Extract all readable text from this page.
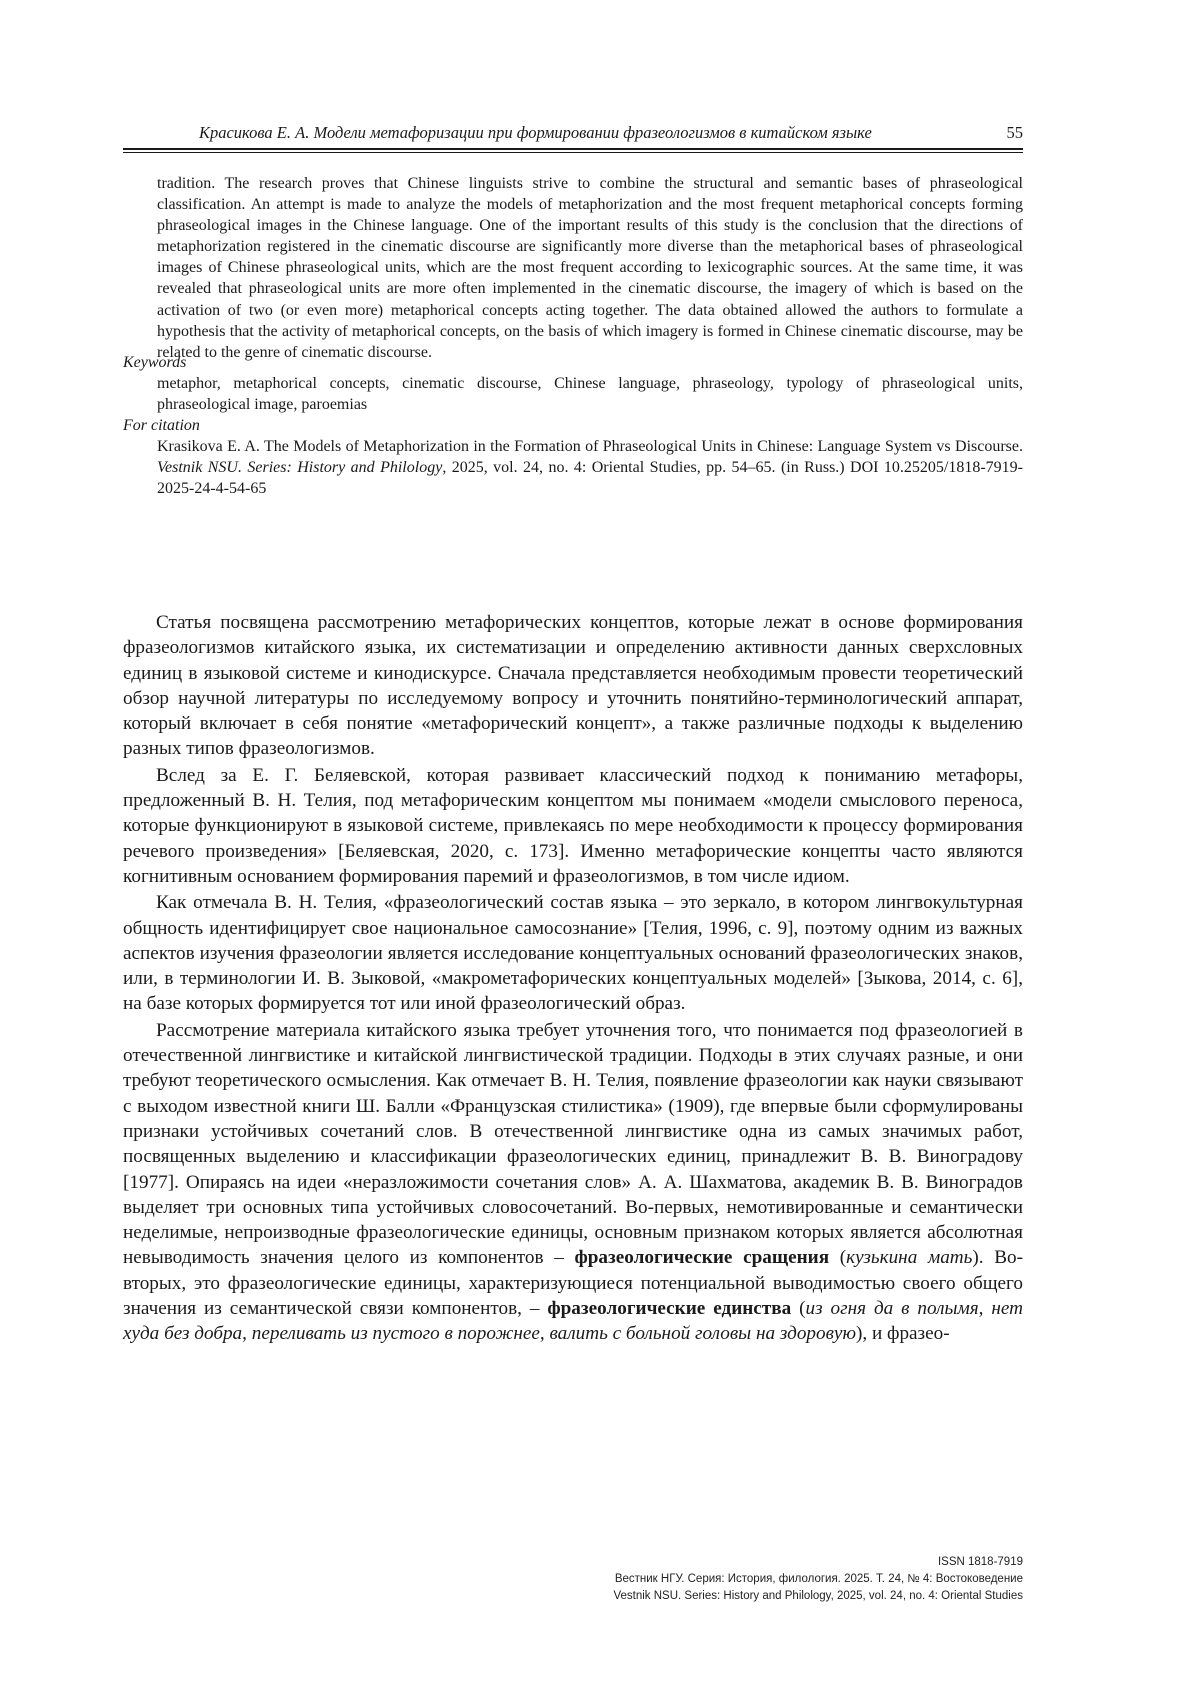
Красикова Е. А. Модели метафоризации при формировании фразеологизмов в китайском языке	55

tradition. The research proves that Chinese linguists strive to combine the structural and semantic bases of phraseological classification. An attempt is made to analyze the models of metaphorization and the most frequent metaphorical concepts forming phraseological images in the Chinese language. One of the important results of this study is the conclusion that the directions of metaphorization registered in the cinematic discourse are significantly more diverse than the metaphorical bases of phraseological images of Chinese phraseological units, which are the most frequent according to lexicographic sources. At the same time, it was revealed that phraseological units are more often implemented in the cinematic discourse, the imagery of which is based on the activation of two (or even more) metaphorical concepts acting together. The data obtained allowed the authors to formulate a hypothesis that the activity of metaphorical concepts, on the basis of which imagery is formed in Chinese cinematic discourse, may be related to the genre of cinematic discourse.

Keywords

metaphor, metaphorical concepts, cinematic discourse, Chinese language, phraseology, typology of phraseological units, phraseological image, paroemias

For citation

Krasikova E. A. The Models of Metaphorization in the Formation of Phraseological Units in Chinese: Language System vs Discourse. Vestnik NSU. Series: History and Philology, 2025, vol. 24, no. 4: Oriental Studies, pp. 54–65. (in Russ.) DOI 10.25205/1818-7919-2025-24-4-54-65

Статья посвящена рассмотрению метафорических концептов, которые лежат в основе формирования фразеологизмов китайского языка, их систематизации и определению активности данных сверхсловных единиц в языковой системе и кинодискурсе. Сначала представляется необходимым провести теоретический обзор научной литературы по исследуемому вопросу и уточнить понятийно-терминологический аппарат, который включает в себя понятие «метафорический концепт», а также различные подходы к выделению разных типов фразеологизмов.

Вслед за Е. Г. Беляевской, которая развивает классический подход к пониманию метафоры, предложенный В. Н. Телия, под метафорическим концептом мы понимаем «модели смыслового переноса, которые функционируют в языковой системе, привлекаясь по мере необходимости к процессу формирования речевого произведения» [Беляевская, 2020, с. 173]. Именно метафорические концепты часто являются когнитивным основанием формирования паремий и фразеологизмов, в том числе идиом.

Как отмечала В. Н. Телия, «фразеологический состав языка – это зеркало, в котором лингвокультурная общность идентифицирует свое национальное самосознание» [Телия, 1996, с. 9], поэтому одним из важных аспектов изучения фразеологии является исследование концептуальных оснований фразеологических знаков, или, в терминологии И. В. Зыковой, «макрометафорических концептуальных моделей» [Зыкова, 2014, с. 6], на базе которых формируется тот или иной фразеологический образ.

Рассмотрение материала китайского языка требует уточнения того, что понимается под фразеологией в отечественной лингвистике и китайской лингвистической традиции. Подходы в этих случаях разные, и они требуют теоретического осмысления. Как отмечает В. Н. Телия, появление фразеологии как науки связывают с выходом известной книги Ш. Балли «Французская стилистика» (1909), где впервые были сформулированы признаки устойчивых сочетаний слов. В отечественной лингвистике одна из самых значимых работ, посвященных выделению и классификации фразеологических единиц, принадлежит В. В. Виноградову [1977]. Опираясь на идеи «неразложимости сочетания слов» А. А. Шахматова, академик В. В. Виноградов выделяет три основных типа устойчивых словосочетаний. Во-первых, немотивированные и семантически неделимые, непроизводные фразеологические единицы, основным признаком которых является абсолютная невыводимость значения целого из компонентов – фразеологические сращения (кузькина мать). Во-вторых, это фразеологические единицы, характеризующиеся потенциальной выводимостью своего общего значения из семантической связи компонентов, – фразеологические единства (из огня да в полымя, нет худа без добра, переливать из пустого в порожнее, валить с больной головы на здоровую), и фразео-

ISSN 1818-7919
Вестник НГУ. Серия: История, филология. 2025. Т. 24, № 4: Востоковедение
Vestnik NSU. Series: History and Philology, 2025, vol. 24, no. 4: Oriental Studies
